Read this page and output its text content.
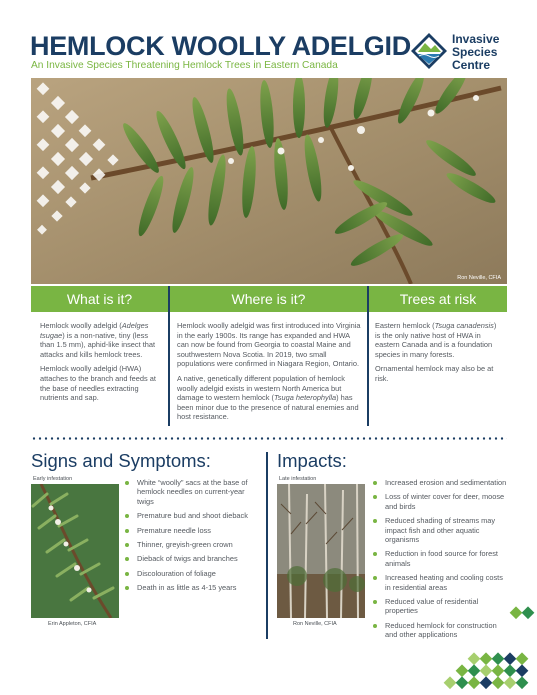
HEMLOCK WOOLLY ADELGID
An Invasive Species Threatening Hemlock Trees in Eastern Canada
Invasive
Species
Centre
Ron Neville, CFIA
What is it?	Where is it?	Trees at risk

Hemlock woolly adelgid (Adelges tsugae) is a non-native, tiny (less than 1.5 mm), aphid-like insect that attacks and kills hemlock trees.

Hemlock woolly adelgid (HWA) attaches to the branch and feeds at the base of needles extracting nutrients and sap.

Hemlock woolly adelgid was first introduced into Virginia in the early 1900s. Its range has expanded and HWA can now be found from Georgia to coastal Maine and southwestern Nova Scotia. In 2019, two small populations were confirmed in Niagara Region, Ontario.

A native, genetically different population of hemlock woolly adelgid exists in western North America but damage to western hemlock (Tsuga heterophylla) has been minor due to the presence of natural enemies and host resistance.

Eastern hemlock (Tsuga canadensis) is the only native host of HWA in eastern Canada and is a foundation species in many forests.

Ornamental hemlock may also be at risk.

Signs and Symptoms:
Early infestation
Erin Appleton, CFIA
White “woolly” sacs at the base of hemlock needles on current-year twigs
Premature bud and shoot dieback
Premature needle loss
Thinner, greyish-green crown
Dieback of twigs and branches
Discolouration of foliage
Death in as little as 4-15 years
Impacts:
Late infestation
Ron Neville, CFIA
Increased erosion and sedimentation
Loss of winter cover for deer, moose and birds
Reduced shading of streams may impact fish and other aquatic organisms
Reduction in food source for forest animals
Increased heating and cooling costs in residential areas
Reduced value of residential properties
Reduced hemlock for construction and other applications
